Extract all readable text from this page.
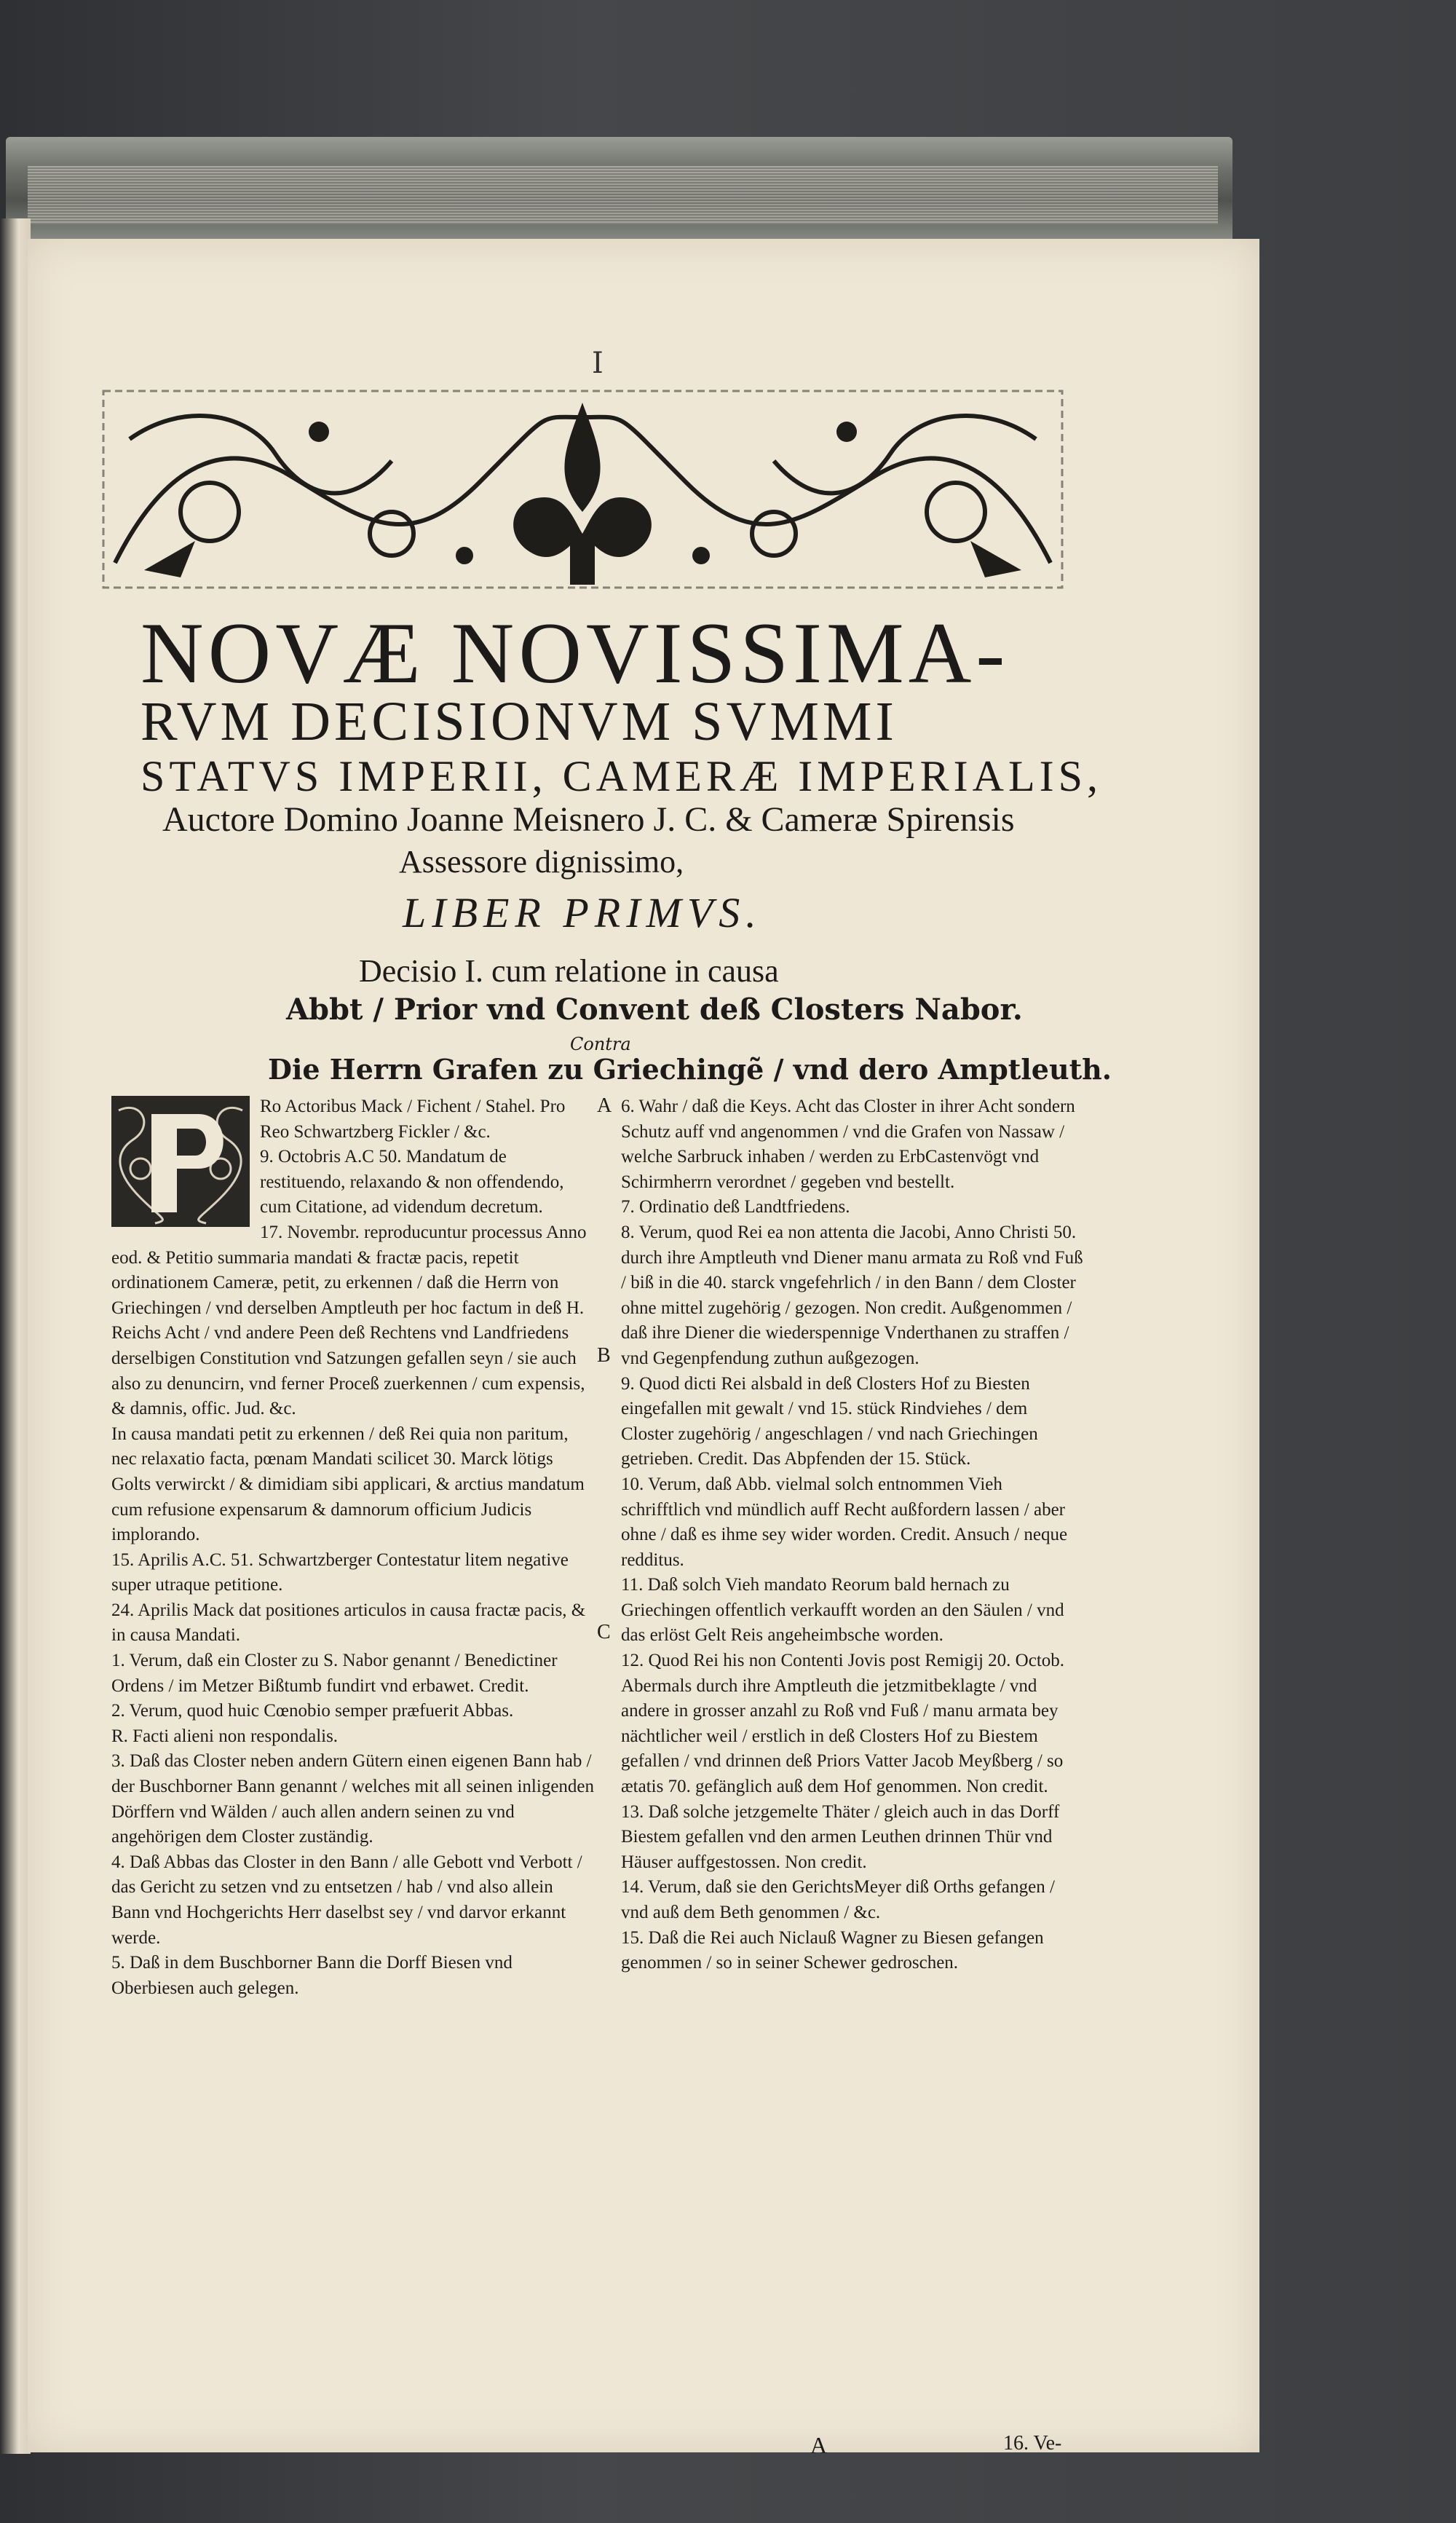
I
NOVÆ NOVISSIMA-
RVM DECISIONVM SVMMI
STATVS IMPERII, CAMERÆ IMPERIALIS,
Auctore Domino Joanne Meisnero J. C. & Cameræ Spirensis
Assessore dignissimo,
LIBER PRIMVS.
Decisio I. cum relatione in causa
Abbt / Prior vnd Convent deß Closters Nabor.
Contra
Die Herrn Grafen zu Griechingẽ / vnd dero Amptleuth.

Ro Actoribus Mack / Fichent / Stahel. Pro Reo Schwartzberg Fickler / &c.

9. Octobris A.C 50. Mandatum de restituendo, relaxando & non offendendo, cum Citatione, ad videndum decretum.

17. Novembr. reproducuntur processus Anno eod. & Petitio summaria mandati & fractæ pacis, repetit ordinationem Cameræ, petit, zu erkennen / daß die Herrn von Griechingen / vnd derselben Amptleuth per hoc factum in deß H. Reichs Acht / vnd andere Peen deß Rechtens vnd Landfriedens derselbigen Constitution vnd Satzungen gefallen seyn / sie auch also zu denuncirn, vnd ferner Proceß zuerkennen / cum expensis, & damnis, offic. Jud. &c.

In causa mandati petit zu erkennen / deß Rei quia non paritum, nec relaxatio facta, pœnam Mandati scilicet 30. Marck lötigs Golts verwirckt / & dimidiam sibi applicari, & arctius mandatum cum refusione expensarum & damnorum officium Judicis implorando.

15. Aprilis A.C. 51. Schwartzberger Contestatur litem negative super utraque petitione.

24. Aprilis Mack dat positiones articulos in causa fractæ pacis, & in causa Mandati.

1. Verum, daß ein Closter zu S. Nabor genannt / Benedictiner Ordens / im Metzer Bißtumb fundirt vnd erbawet. Credit.

2. Verum, quod huic Cœnobio semper præfuerit Abbas.

R. Facti alieni non respondalis.

3. Daß das Closter neben andern Gütern einen eigenen Bann hab / der Buschborner Bann genannt / welches mit all seinen inligenden Dörffern vnd Wälden / auch allen andern seinen zu vnd angehörigen dem Closter zuständig.

4. Daß Abbas das Closter in den Bann / alle Gebott vnd Verbott / das Gericht zu setzen vnd zu entsetzen / hab / vnd also allein Bann vnd Hochgerichts Herr daselbst sey / vnd darvor erkannt werde.

5. Daß in dem Buschborner Bann die Dorff Biesen vnd Oberbiesen auch gelegen.

A
B
C

6. Wahr / daß die Keys. Acht das Closter in ihrer Acht sondern Schutz auff vnd angenommen / vnd die Grafen von Nassaw / welche Sarbruck inhaben / werden zu ErbCastenvögt vnd Schirmherrn verordnet / gegeben vnd bestellt.

7. Ordinatio deß Landtfriedens.

8. Verum, quod Rei ea non attenta die Jacobi, Anno Christi 50. durch ihre Amptleuth vnd Diener manu armata zu Roß vnd Fuß / biß in die 40. starck vngefehrlich / in den Bann / dem Closter ohne mittel zugehörig / gezogen. Non credit. Außgenommen / daß ihre Diener die wiederspennige Vnderthanen zu straffen / vnd Gegenpfendung zuthun außgezogen.

9. Quod dicti Rei alsbald in deß Closters Hof zu Biesten eingefallen mit gewalt / vnd 15. stück Rindviehes / dem Closter zugehörig / angeschlagen / vnd nach Griechingen getrieben. Credit. Das Abpfenden der 15. Stück.

10. Verum, daß Abb. vielmal solch entnommen Vieh schrifftlich vnd mündlich auff Recht außfordern lassen / aber ohne / daß es ihme sey wider worden. Credit. Ansuch / neque redditus.

11. Daß solch Vieh mandato Reorum bald hernach zu Griechingen offentlich verkaufft worden an den Säulen / vnd das erlöst Gelt Reis angeheimbsche worden.

12. Quod Rei his non Contenti Jovis post Remigij 20. Octob. Abermals durch ihre Amptleuth die jetzmitbeklagte / vnd andere in grosser anzahl zu Roß vnd Fuß / manu armata bey nächtlicher weil / erstlich in deß Closters Hof zu Biestem gefallen / vnd drinnen deß Priors Vatter Jacob Meyßberg / so ætatis 70. gefänglich auß dem Hof genommen. Non credit.

13. Daß solche jetzgemelte Thäter / gleich auch in das Dorff Biestem gefallen vnd den armen Leuthen drinnen Thür vnd Häuser auffgestossen. Non credit.

14. Verum, daß sie den GerichtsMeyer diß Orths gefangen / vnd auß dem Beth genommen / &c.

15. Daß die Rei auch Niclauß Wagner zu Biesen gefangen genommen / so in seiner Schewer gedroschen.

A	16. Ve-
